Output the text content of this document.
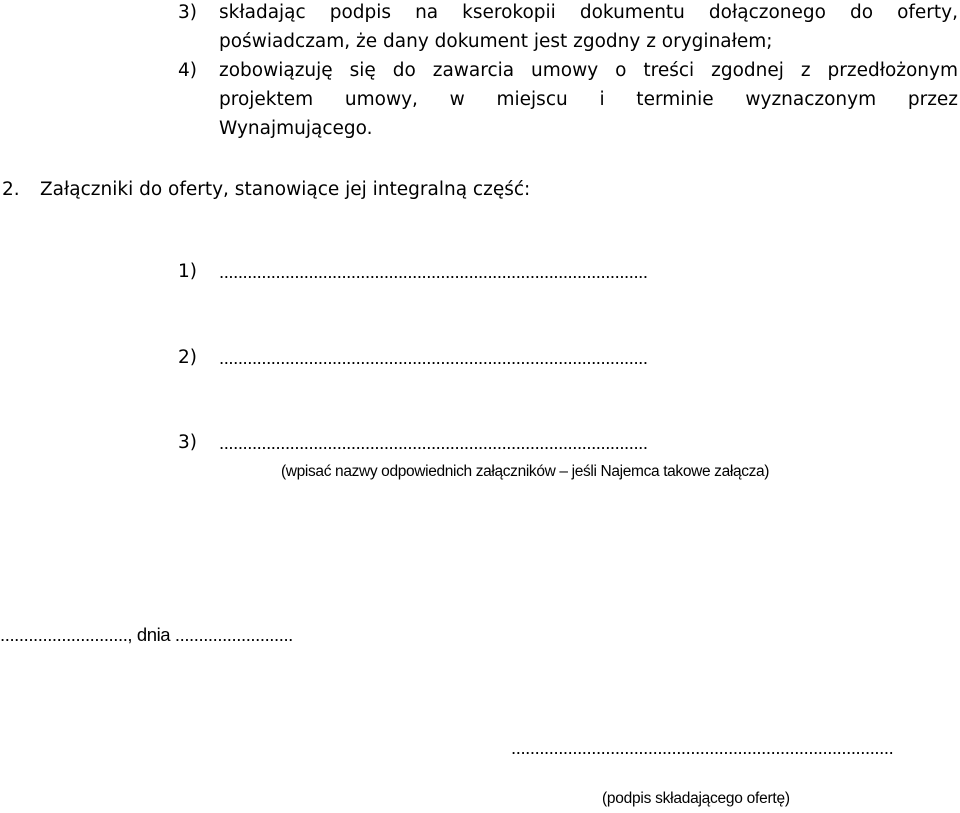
3) składając podpis na kserokopii dokumentu dołączonego do oferty,
poświadczam, że dany dokument jest zgodny z oryginałem;
4) zobowiązuję się do zawarcia umowy o treści zgodnej z przedłożonym
projektem umowy, w miejscu i terminie wyznaczonym przez
Wynajmującego.
2. Załączniki do oferty, stanowiące jej integralną część:
1) ...........................................................................................
2) ...........................................................................................
3) ...........................................................................................
(wpisać nazwy odpowiednich załączników – jeśli Najemca takowe załącza)
..........................., dnia .........................
.................................................................................
(podpis składającego ofertę)
